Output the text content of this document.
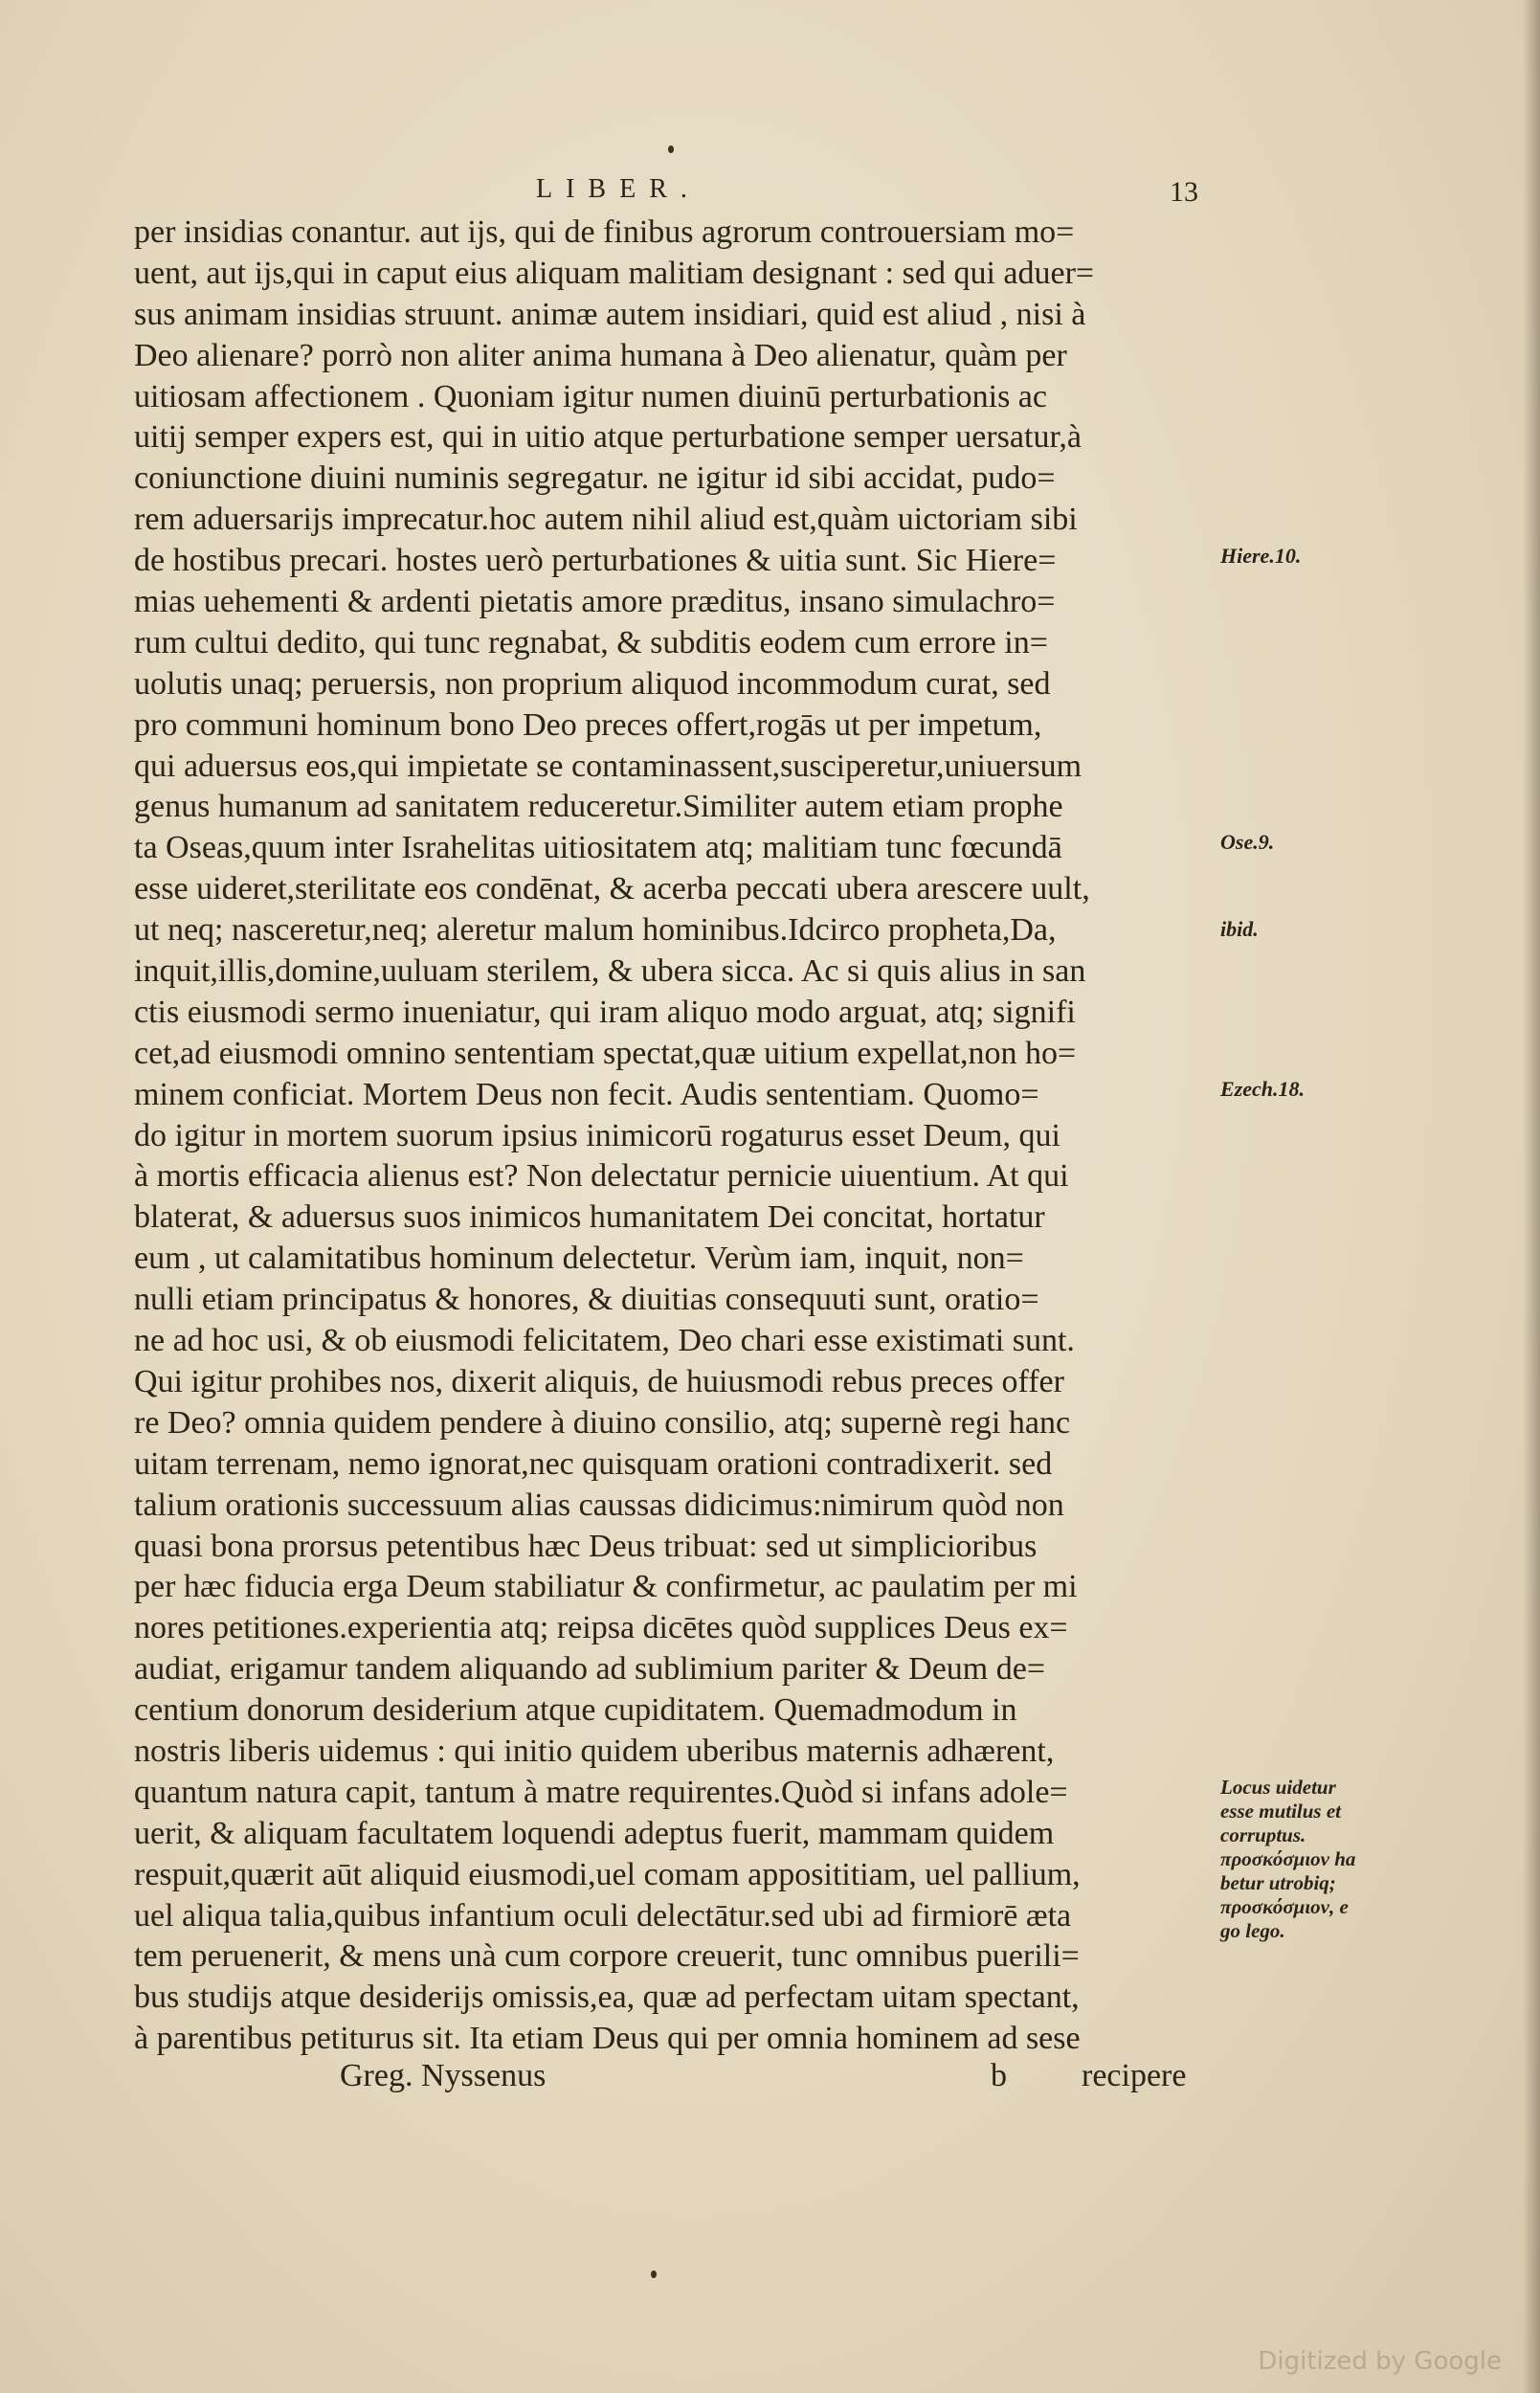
LIBER.	13
per insidias conantur. aut ijs, qui de finibus agrorum controuersiam mo=
uent, aut ijs,qui in caput eius aliquam malitiam designant : sed qui aduer=
sus animam insidias struunt. animæ autem insidiari, quid est aliud , nisi à
Deo alienare? porrò non aliter anima humana à Deo alienatur, quàm per
uitiosam affectionem . Quoniam igitur numen diuinū perturbationis ac
uitij semper expers est, qui in uitio atque perturbatione semper uersatur,à
coniunctione diuini numinis segregatur. ne igitur id sibi accidat, pudo=
rem aduersarijs imprecatur.hoc autem nihil aliud est,quàm uictoriam sibi
de hostibus precari. hostes uerò perturbationes & uitia sunt. Sic Hiere=
mias uehementi & ardenti pietatis amore prӕditus, insano simulachro=
rum cultui dedito, qui tunc regnabat, & subditis eodem cum errore in=
uolutis unaq; peruersis, non proprium aliquod incommodum curat, sed
pro communi hominum bono Deo preces offert,rogās ut per impetum,
qui aduersus eos,qui impietate se contaminassent,susciperetur,uniuersum
genus humanum ad sanitatem reduceretur.Similiter autem etiam prophe
ta Oseas,quum inter Israhelitas uitiositatem atq; malitiam tunc fœcundā
esse uideret,sterilitate eos condēnat, & acerba peccati ubera arescere uult,
ut neq; nasceretur,neq; aleretur malum hominibus.Idcirco propheta,Da,
inquit,illis,domine,uuluam sterilem, & ubera sicca. Ac si quis alius in san
ctis eiusmodi sermo inueniatur, qui iram aliquo modo arguat, atq; signifi
cet,ad eiusmodi omnino sententiam spectat,quæ uitium expellat,non ho=
minem conficiat. Mortem Deus non fecit. Audis sententiam. Quomo=
do igitur in mortem suorum ipsius inimicorū rogaturus esset Deum, qui
à mortis efficacia alienus est? Non delectatur pernicie uiuentium. At qui
blaterat, & aduersus suos inimicos humanitatem Dei concitat, hortatur
eum , ut calamitatibus hominum delectetur. Verùm iam, inquit, non=
nulli etiam principatus & honores, & diuitias consequuti sunt, oratio=
ne ad hoc usi, & ob eiusmodi felicitatem, Deo chari esse existimati sunt.
Qui igitur prohibes nos, dixerit aliquis, de huiusmodi rebus preces offer
re Deo? omnia quidem pendere à diuino consilio, atq; supernè regi hanc
uitam terrenam, nemo ignorat,nec quisquam orationi contradixerit. sed
talium orationis successuum alias caussas didicimus:nimirum quòd non
quasi bona prorsus petentibus hæc Deus tribuat: sed ut simplicioribus
per hæc fiducia erga Deum stabiliatur & confirmetur, ac paulatim per mi
nores petitiones.experientia atq; reipsa dicētes quòd supplices Deus ex=
audiat, erigamur tandem aliquando ad sublimium pariter & Deum de=
centium donorum desiderium atque cupiditatem. Quemadmodum in
nostris liberis uidemus : qui initio quidem uberibus maternis adhærent,
quantum natura capit, tantum à matre requirentes.Quòd si infans adole=
uerit, & aliquam facultatem loquendi adeptus fuerit, mammam quidem
respuit,quærit aūt aliquid eiusmodi,uel comam apposititiam, uel pallium,
uel aliqua talia,quibus infantium oculi delectātur.sed ubi ad firmiorē ætа
tem peruenerit, & mens unà cum corpore creuerit, tunc omnibus puerili=
bus studijs atque desiderijs omissis,ea, quæ ad perfectam uitam spectant,
à parentibus petiturus sit. Ita etiam Deus qui per omnia hominem ad sese
Hiere.10.
Ose.9.
ibid.
Ezech.18.
Locus uidetur
esse mutilus et
corruptus.
προσκόσμιον ha
betur utrobiq;
προσκόσμιον, e
go lego.
Greg. Nyssenus	b recipere
Digitized by Google
